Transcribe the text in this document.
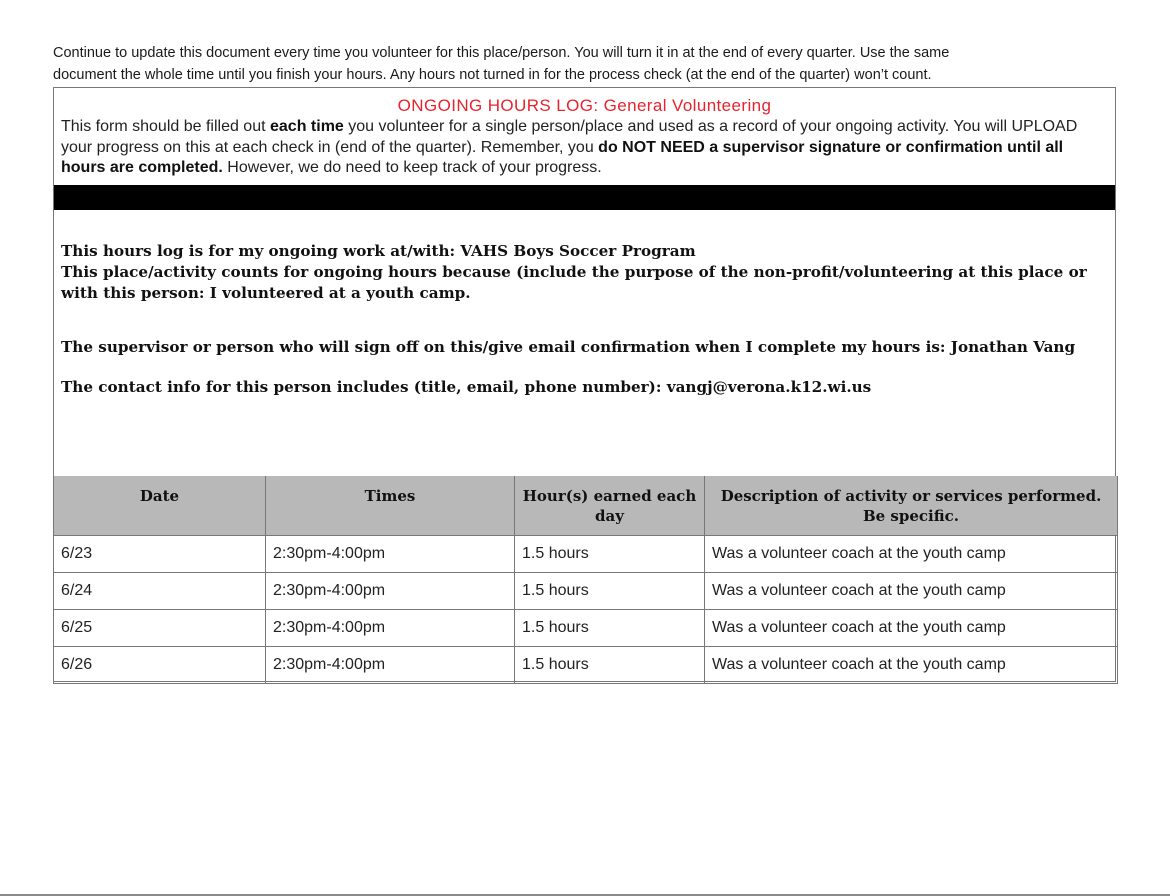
Continue to update this document every time you volunteer for this place/person. You will turn it in at the end of every quarter. Use the same

document the whole time until you finish your hours. Any hours not turned in for the process check (at the end of the quarter) won’t count.

ONGOING HOURS LOG: General Volunteering
This form should be filled out each time you volunteer for a single person/place and used as a record of your ongoing activity. You will UPLOAD your progress on this at each check in (end of the quarter). Remember, you do NOT NEED a supervisor signature or confirmation until all hours are completed. However, we do need to keep track of your progress.

This hours log is for my ongoing work at/with: VAHS Boys Soccer Program

This place/activity counts for ongoing hours because (include the purpose of the non-profit/volunteering at this place or with this person: I volunteered at a youth camp.

The supervisor or person who will sign off on this/give email confirmation when I complete my hours is: Jonathan Vang

The contact info for this person includes (title, email, phone number): vangj@verona.k12.wi.us

Date	Times	Hour(s) earned each day	Description of activity or services performed. Be specific.
6/23	2:30pm-4:00pm	1.5 hours	Was a volunteer coach at the youth camp
6/24	2:30pm-4:00pm	1.5 hours	Was a volunteer coach at the youth camp
6/25	2:30pm-4:00pm	1.5 hours	Was a volunteer coach at the youth camp
6/26	2:30pm-4:00pm	1.5 hours	Was a volunteer coach at the youth camp
